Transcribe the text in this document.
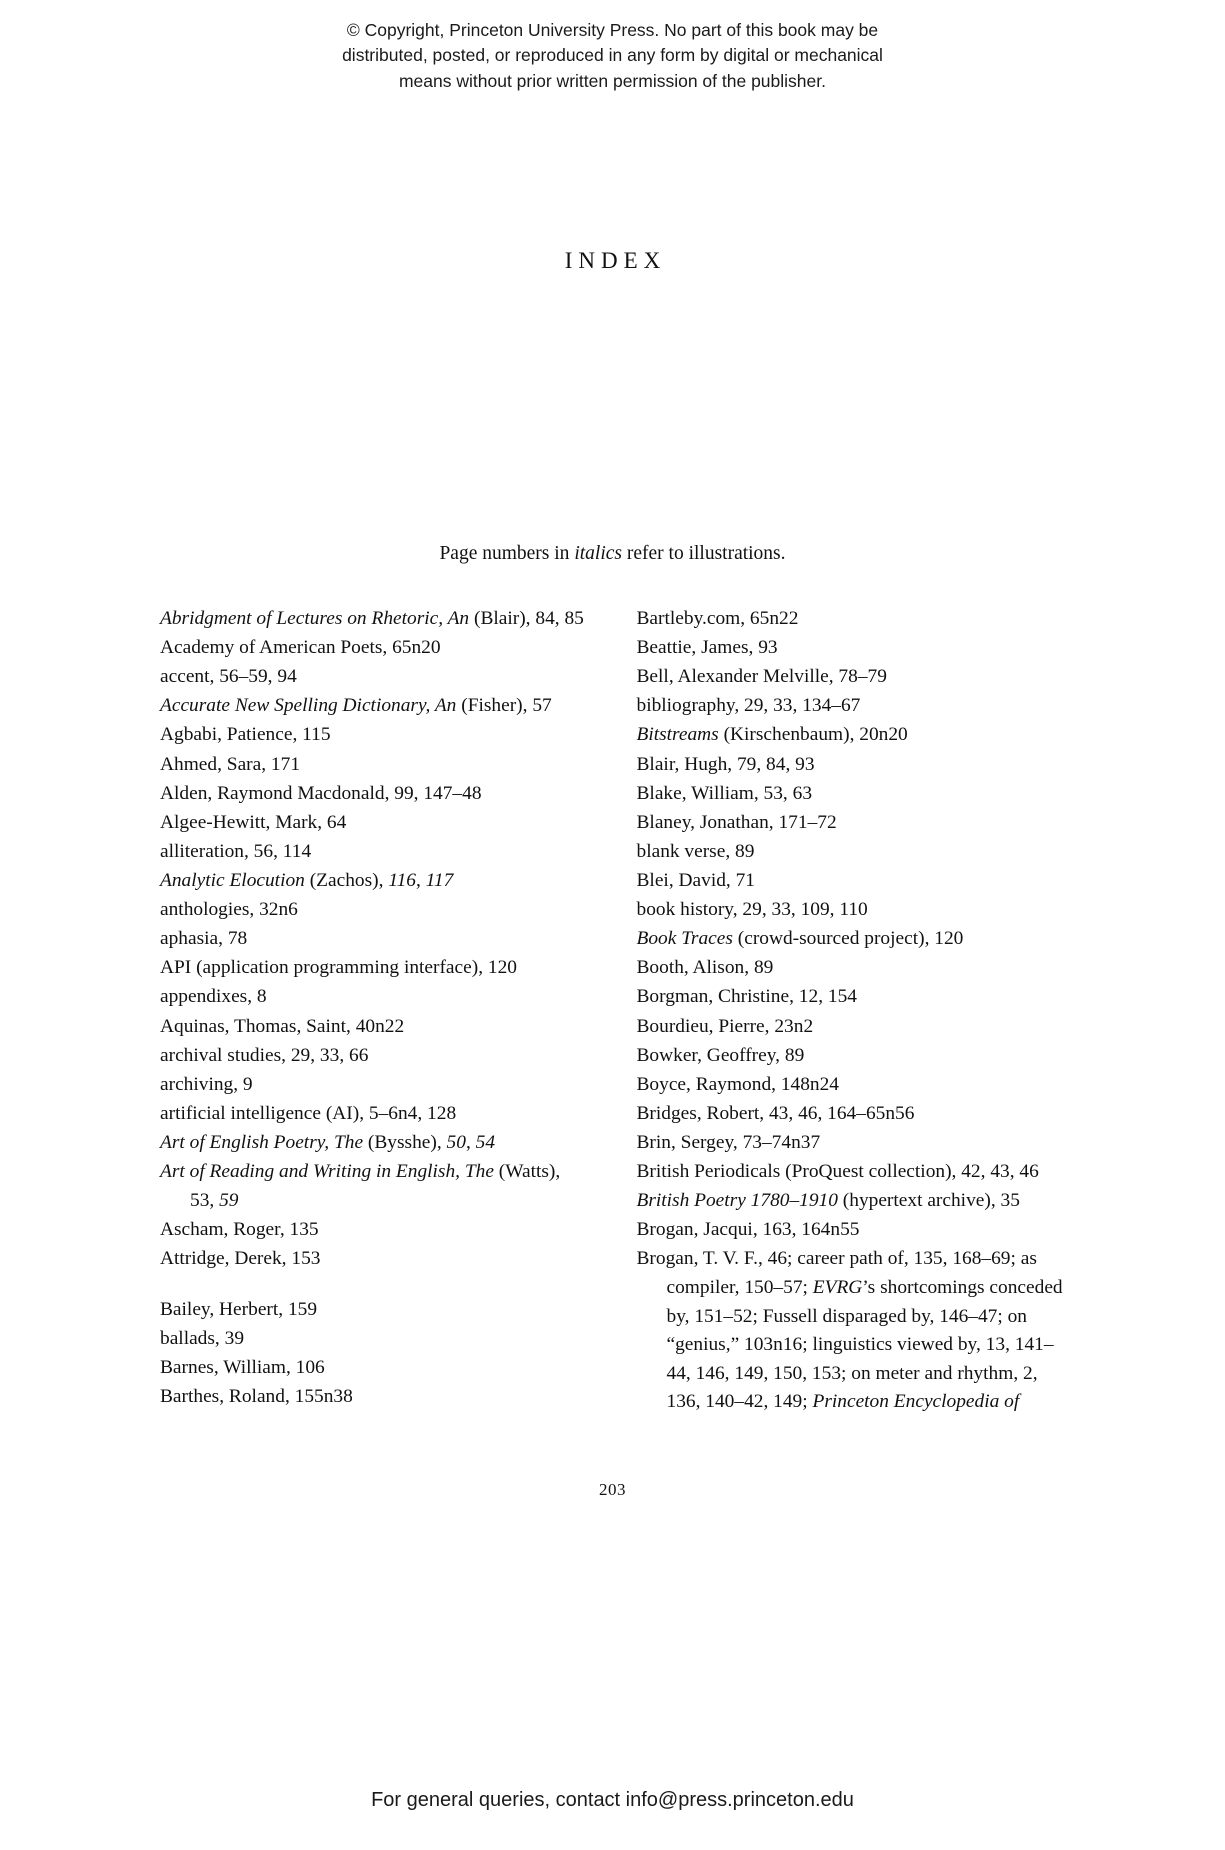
© Copyright, Princeton University Press. No part of this book may be
distributed, posted, or reproduced in any form by digital or mechanical
means without prior written permission of the publisher.
INDEX
Page numbers in italics refer to illustrations.
Abridgment of Lectures on Rhetoric, An (Blair), 84, 85
Academy of American Poets, 65n20
accent, 56–59, 94
Accurate New Spelling Dictionary, An (Fisher), 57
Agbabi, Patience, 115
Ahmed, Sara, 171
Alden, Raymond Macdonald, 99, 147–48
Algee-Hewitt, Mark, 64
alliteration, 56, 114
Analytic Elocution (Zachos), 116, 117
anthologies, 32n6
aphasia, 78
API (application programming interface), 120
appendixes, 8
Aquinas, Thomas, Saint, 40n22
archival studies, 29, 33, 66
archiving, 9
artificial intelligence (AI), 5–6n4, 128
Art of English Poetry, The (Bysshe), 50, 54
Art of Reading and Writing in English, The (Watts), 53, 59
Ascham, Roger, 135
Attridge, Derek, 153
Bailey, Herbert, 159
ballads, 39
Barnes, William, 106
Barthes, Roland, 155n38
Bartleby.com, 65n22
Beattie, James, 93
Bell, Alexander Melville, 78–79
bibliography, 29, 33, 134–67
Bitstreams (Kirschenbaum), 20n20
Blair, Hugh, 79, 84, 93
Blake, William, 53, 63
Blaney, Jonathan, 171–72
blank verse, 89
Blei, David, 71
book history, 29, 33, 109, 110
Book Traces (crowd-sourced project), 120
Booth, Alison, 89
Borgman, Christine, 12, 154
Bourdieu, Pierre, 23n2
Bowker, Geoffrey, 89
Boyce, Raymond, 148n24
Bridges, Robert, 43, 46, 164–65n56
Brin, Sergey, 73–74n37
British Periodicals (ProQuest collection), 42, 43, 46
British Poetry 1780–1910 (hypertext archive), 35
Brogan, Jacqui, 163, 164n55
Brogan, T. V. F., 46; career path of, 135, 168–69; as compiler, 150–57; EVRG’s shortcomings conceded by, 151–52; Fussell disparaged by, 146–47; on “genius,” 103n16; linguistics viewed by, 13, 141–44, 146, 149, 150, 153; on meter and rhythm, 2, 136, 140–42, 149; Princeton Encyclopedia of
203
For general queries, contact info@press.princeton.edu
